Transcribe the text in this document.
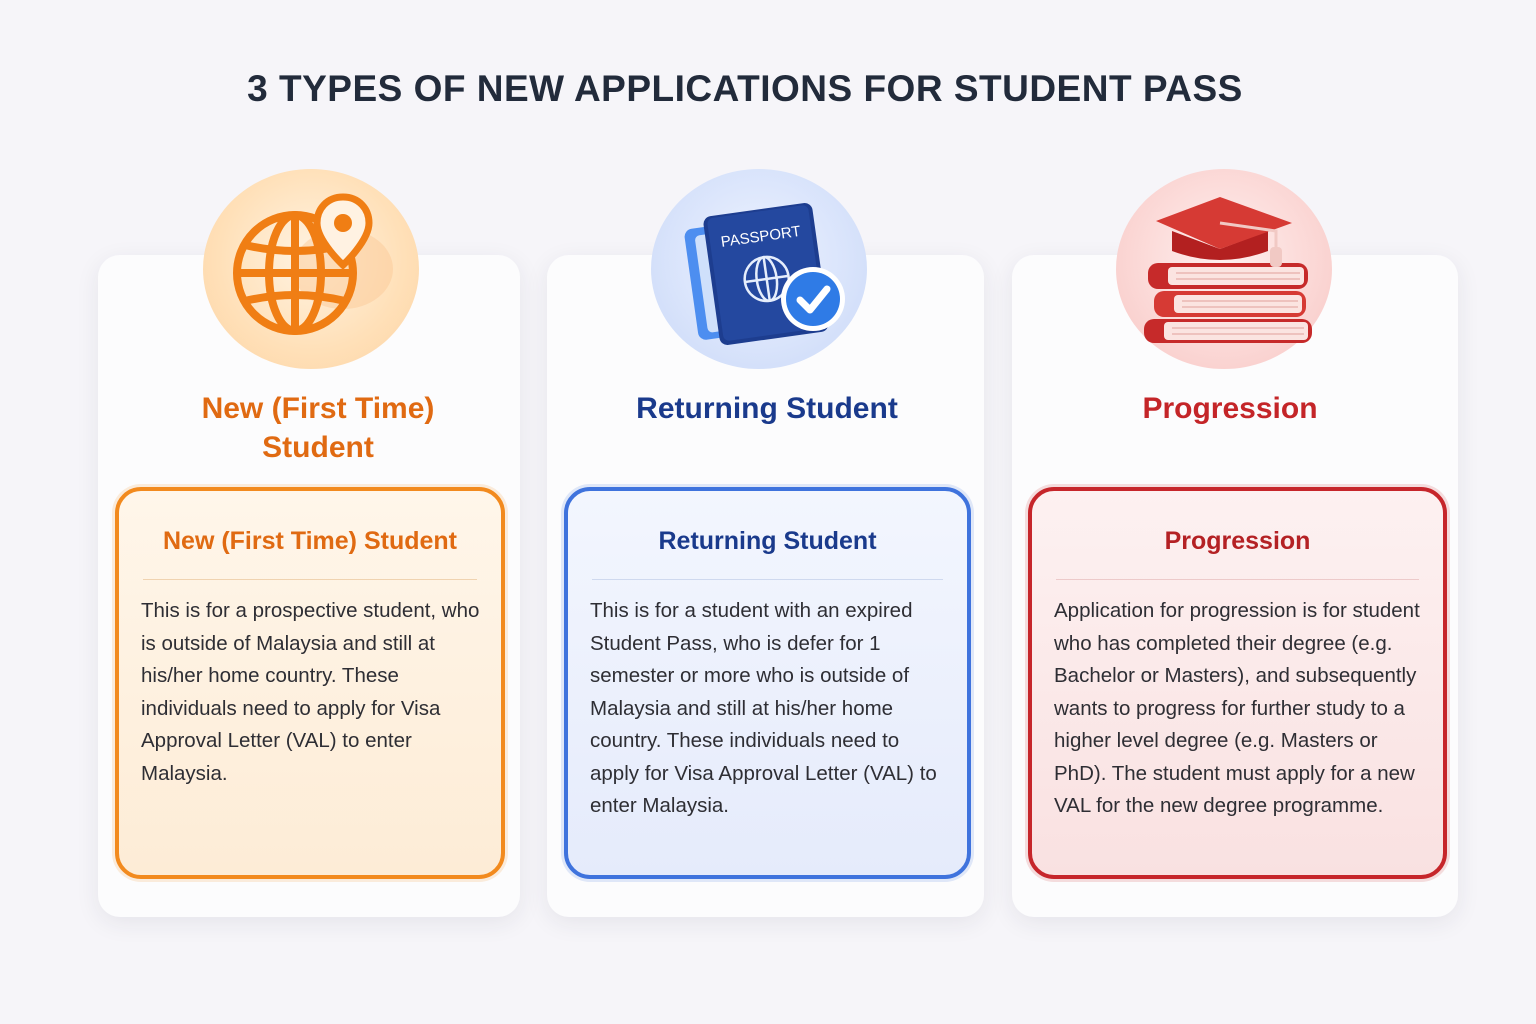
3 TYPES OF NEW APPLICATIONS FOR STUDENT PASS
PASSPORT
New (First Time) Student
Returning Student	Progression
New (First Time) Student

This is for a prospective student, who is outside of Malaysia and still at his/her home country. These individuals need to apply for Visa Approval Letter (VAL) to enter Malaysia.

Returning Student

This is for a student with an expired Student Pass, who is defer for 1 semester or more who is outside of Malaysia and still at his/her home country. These individuals need to apply for Visa Approval Letter (VAL) to enter Malaysia.

Progression

Application for progression is for student who has completed their degree (e.g. Bachelor or Masters), and subsequently wants to progress for further study to a higher level degree (e.g. Masters or PhD). The student must apply for a new VAL for the new degree programme.
